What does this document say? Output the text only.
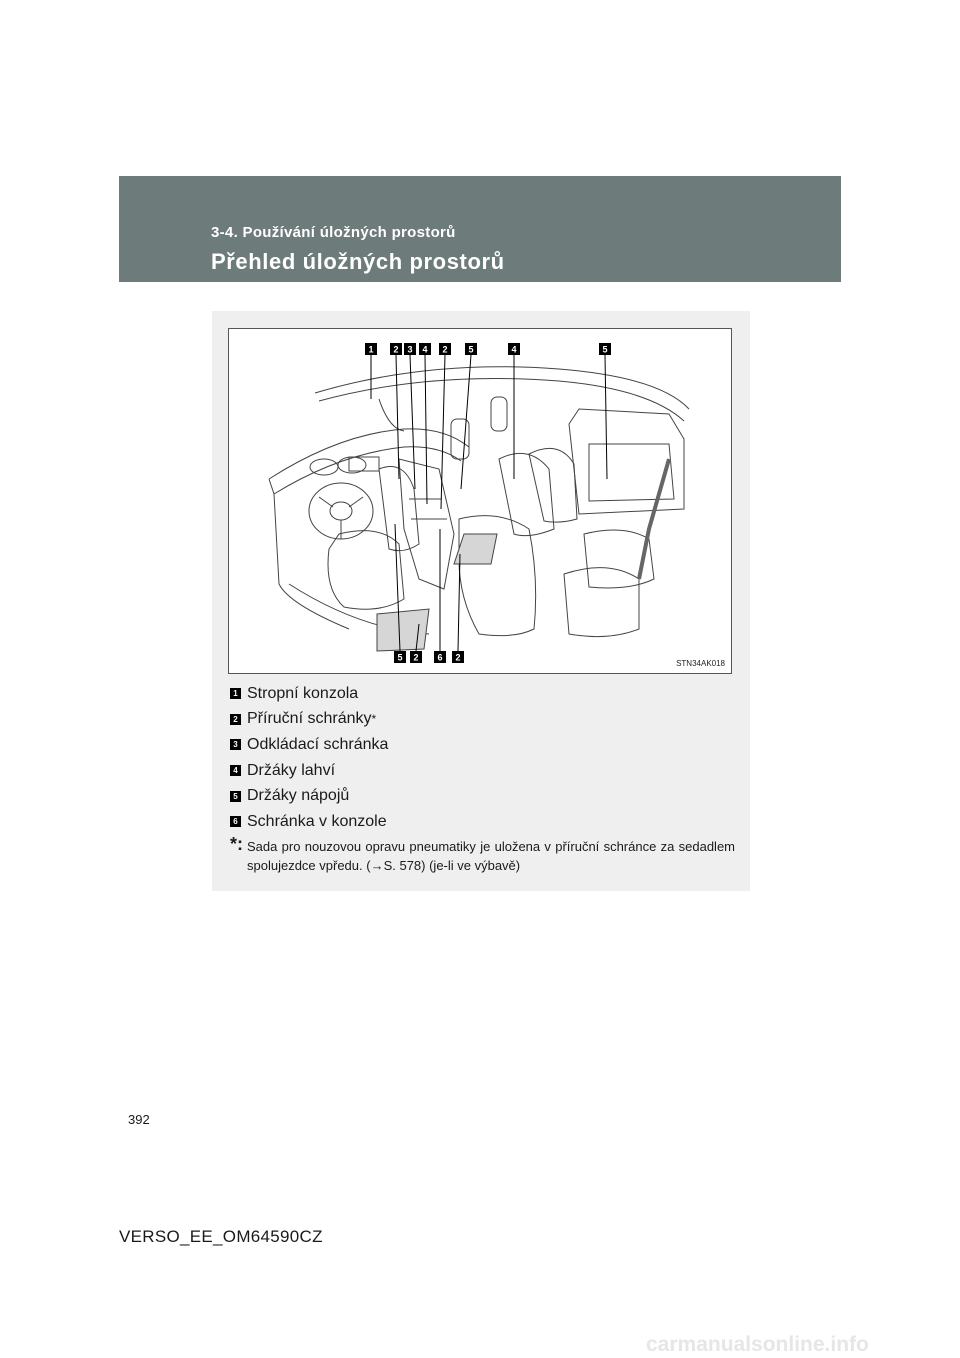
3-4. Používání úložných prostorů
Přehled úložných prostorů
1 2 3 4 2 5	4	5
5 2 6 2
STN34AK018
1 Stropní konzola
2 Příruční schránky *
3 Odkládací schránka
4 Držáky lahví
5 Držáky nápojů
6 Schránka v konzole
*: Sada pro nouzovou opravu pneumatiky je uložena v příruční schránce za sedadlem spolujezdce vpředu. (→S. 578) (je-li ve výbavě)
392
VERSO_EE_OM64590CZ
carmanualsonline.info
